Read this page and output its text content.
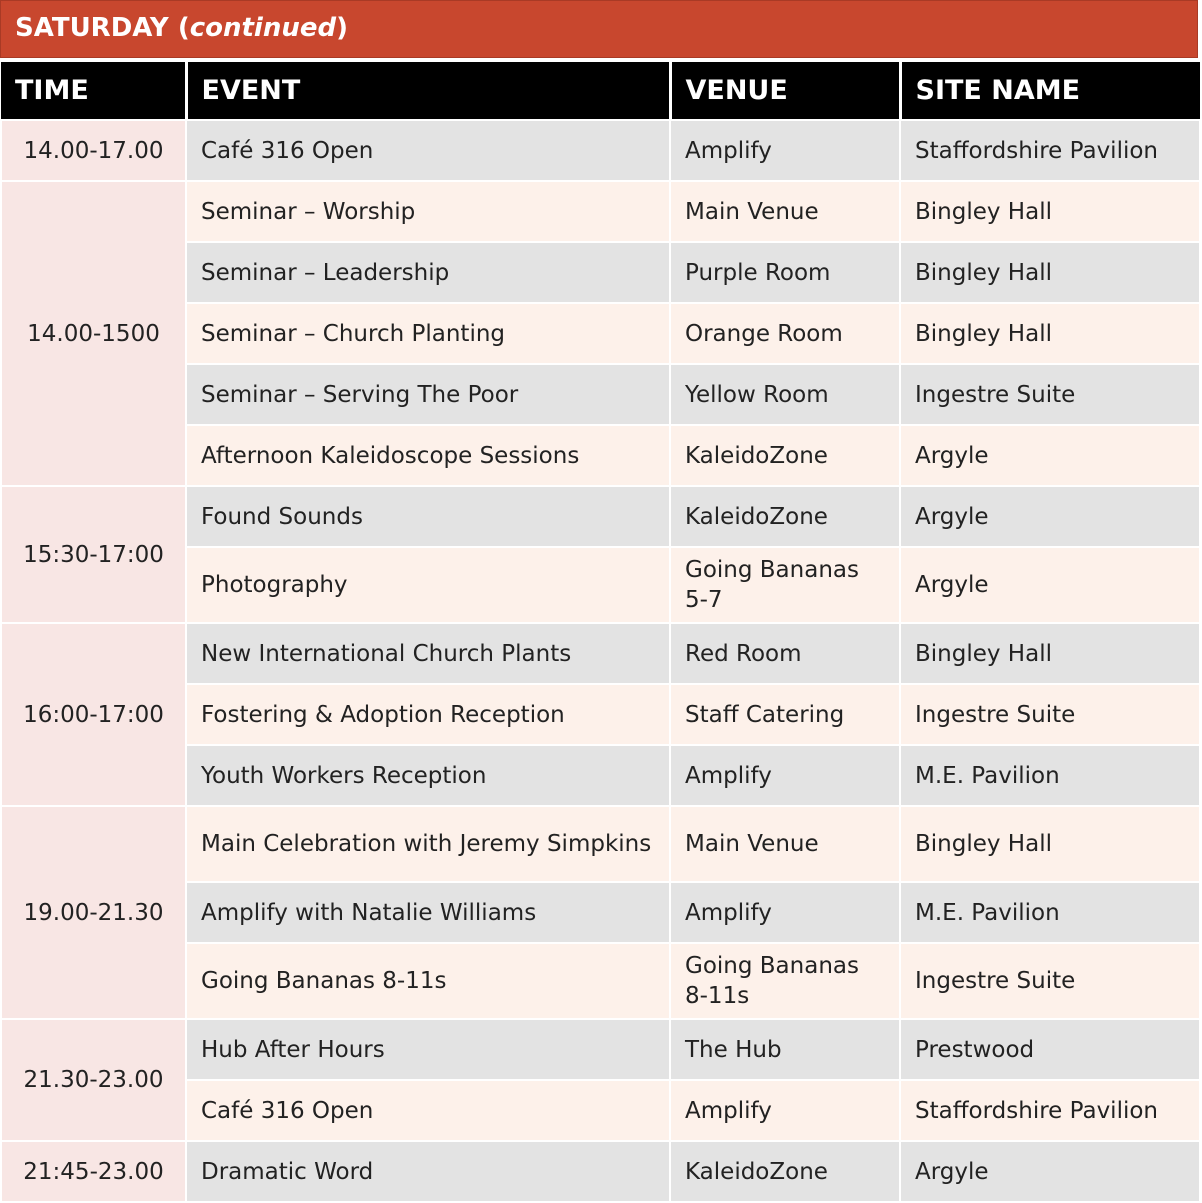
SATURDAY (continued)
TIME	EVENT	VENUE	SITE NAME
14.00-17.00	Café 316 Open	Amplify	Staffordshire Pavilion
14.00-1500	Seminar – Worship	Main Venue	Bingley Hall
	Seminar – Leadership	Purple Room	Bingley Hall
	Seminar – Church Planting	Orange Room	Bingley Hall
	Seminar – Serving The Poor	Yellow Room	Ingestre Suite
	Afternoon Kaleidoscope Sessions	KaleidoZone	Argyle
15:30-17:00	Found Sounds	KaleidoZone	Argyle
	Photography	Going Bananas 5-7	Argyle
16:00-17:00	New International Church Plants	Red Room	Bingley Hall
	Fostering & Adoption Reception	Staff Catering	Ingestre Suite
	Youth Workers Reception	Amplify	M.E. Pavilion
19.00-21.30	Main Celebration with Jeremy Simpkins	Main Venue	Bingley Hall
	Amplify with Natalie Williams	Amplify	M.E. Pavilion
	Going Bananas 8-11s	Going Bananas 8-11s	Ingestre Suite
21.30-23.00	Hub After Hours	The Hub	Prestwood
	Café 316 Open	Amplify	Staffordshire Pavilion
21:45-23.00	Dramatic Word	KaleidoZone	Argyle
